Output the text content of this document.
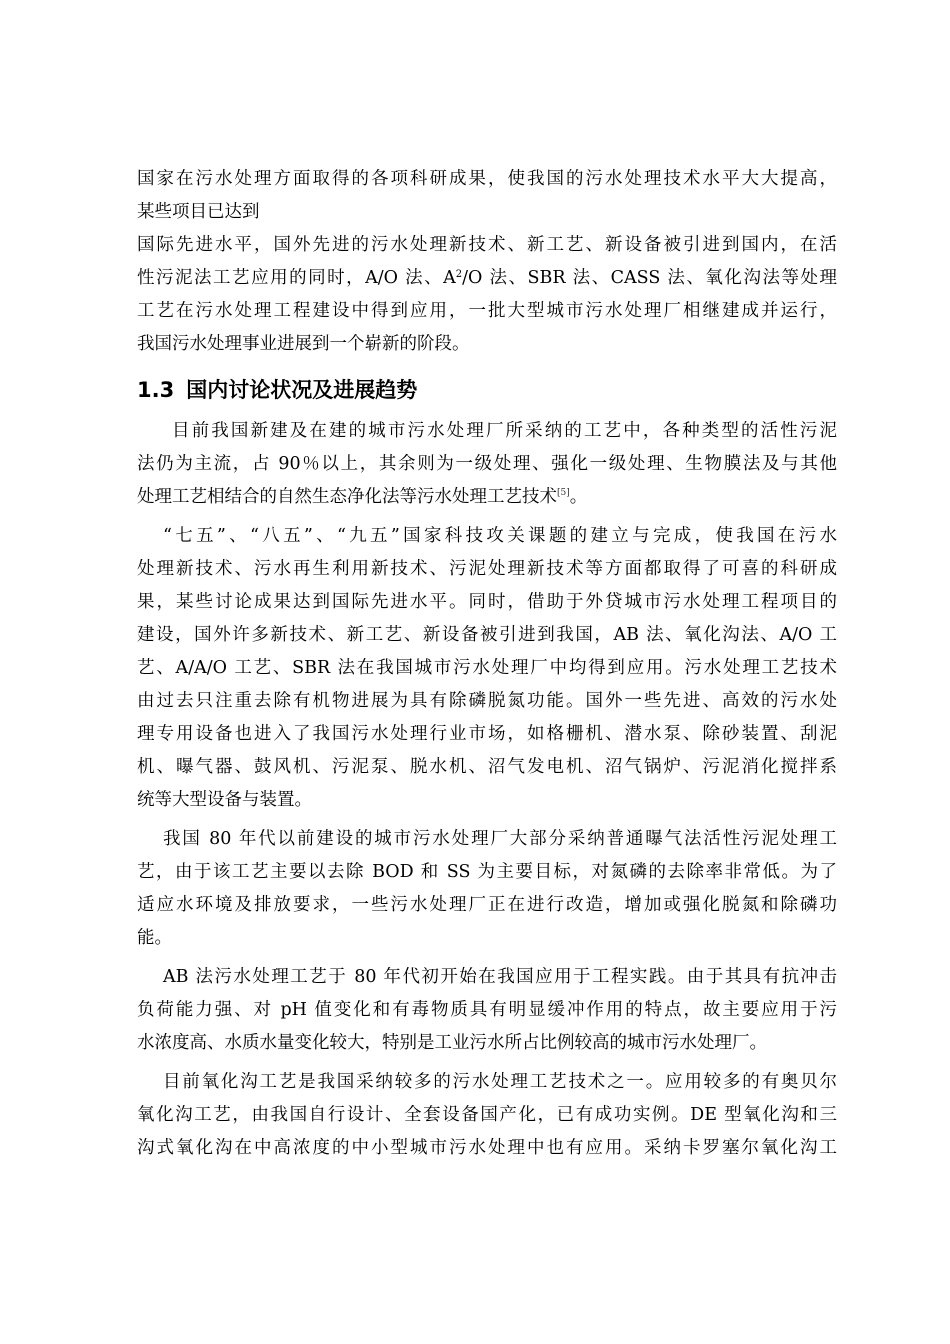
国家在污水处理方面取得的各项科研成果，使我国的污水处理技术水平大大提高，
某些项目已达到
国际先进水平，国外先进的污水处理新技术、新工艺、新设备被引进到国内，在活
性污泥法工艺应用的同时，A/O 法、$A^2/O$ 法、SBR 法、CASS 法、氧化沟法等处理
工艺在污水处理工程建设中得到应用，一批大型城市污水处理厂相继建成并运行，
我国污水处理事业进展到一个崭新的阶段。
1.3 国内讨论状况及进展趋势
目前我国新建及在建的城市污水处理厂所采纳的工艺中，各种类型的活性污泥
法仍为主流，占 90％以上，其余则为一级处理、强化一级处理、生物膜法及与其他
处理工艺相结合的自然生态净化法等污水处理工艺技术[5]。
“七五”、“八五”、“九五”国家科技攻关课题的建立与完成，使我国在污水
处理新技术、污水再生利用新技术、污泥处理新技术等方面都取得了可喜的科研成
果，某些讨论成果达到国际先进水平。同时，借助于外贷城市污水处理工程项目的
建设，国外许多新技术、新工艺、新设备被引进到我国，AB 法、氧化沟法、A/O 工
艺、A/A/O 工艺、SBR 法在我国城市污水处理厂中均得到应用。污水处理工艺技术
由过去只注重去除有机物进展为具有除磷脱氮功能。国外一些先进、高效的污水处
理专用设备也进入了我国污水处理行业市场，如格栅机、潜水泵、除砂装置、刮泥
机、曝气器、鼓风机、污泥泵、脱水机、沼气发电机、沼气锅炉、污泥消化搅拌系
统等大型设备与装置。
我国 80 年代以前建设的城市污水处理厂大部分采纳普通曝气法活性污泥处理工
艺，由于该工艺主要以去除 BOD 和 SS 为主要目标，对氮磷的去除率非常低。为了
适应水环境及排放要求，一些污水处理厂正在进行改造，增加或强化脱氮和除磷功
能。
AB 法污水处理工艺于 80 年代初开始在我国应用于工程实践。由于其具有抗冲击
负荷能力强、对 pH 值变化和有毒物质具有明显缓冲作用的特点，故主要应用于污
水浓度高、水质水量变化较大，特别是工业污水所占比例较高的城市污水处理厂。
目前氧化沟工艺是我国采纳较多的污水处理工艺技术之一。应用较多的有奥贝尔
氧化沟工艺，由我国自行设计、全套设备国产化，已有成功实例。DE 型氧化沟和三
沟式氧化沟在中高浓度的中小型城市污水处理中也有应用。采纳卡罗塞尔氧化沟工
